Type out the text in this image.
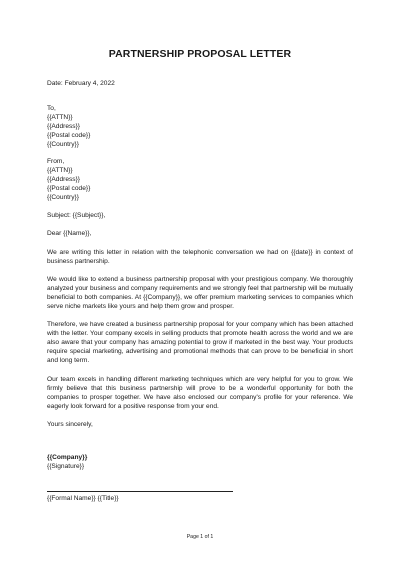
PARTNERSHIP PROPOSAL LETTER
Date: February 4, 2022
To,
{{ATTN}}
{{Address}}
{{Postal code}}
{{Country}}
From,
{{ATTN}}
{{Address}}
{{Postal code}}
{{Country}}
Subject: {{Subject}},
Dear {{Name}},
We are writing this letter in relation with the telephonic conversation we had on {{date}} in context of business partnership.
We would like to extend a business partnership proposal with your prestigious company. We thoroughly analyzed your business and company requirements and we strongly feel that partnership will be mutually beneficial to both companies. At {{Company}}, we offer premium marketing services to companies which serve niche markets like yours and help them grow and prosper.
Therefore, we have created a business partnership proposal for your company which has been attached with the letter. Your company excels in selling products that promote health across the world and we are also aware that your company has amazing potential to grow if marketed in the best way. Your products require special marketing, advertising and promotional methods that can prove to be beneficial in short and long term.
Our team excels in handling different marketing techniques which are very helpful for you to grow. We firmly believe that this business partnership will prove to be a wonderful opportunity for both the companies to prosper together. We have also enclosed our company's profile for your reference. We eagerly look forward for a positive response from your end.
Yours sincerely,
{{Company}}
{{Signature}}
{{Formal Name}} {{Title}}
Page 1 of 1
